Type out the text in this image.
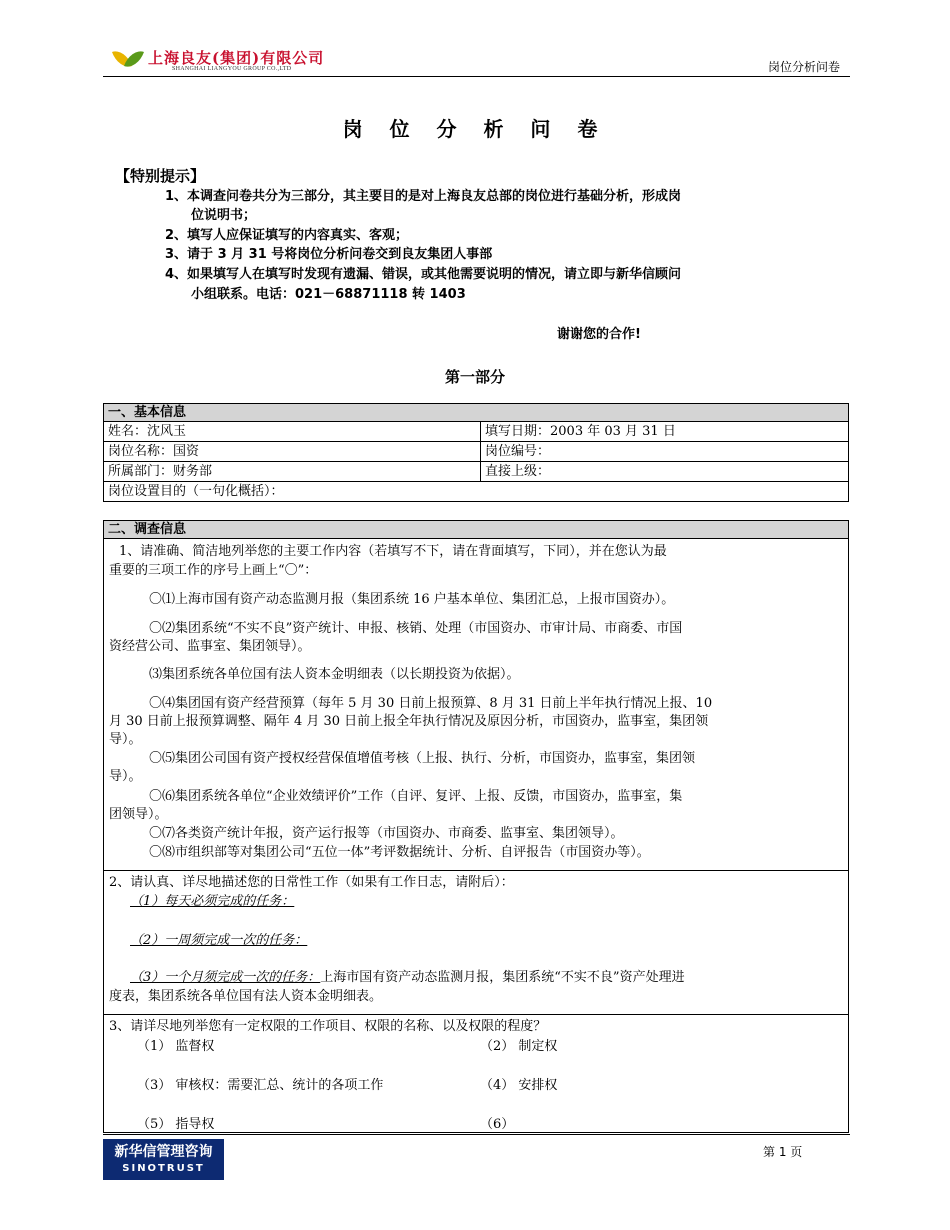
上海良友(集团)有限公司
SHANGHAI LIANGYOU GROUP CO.,LTD	岗位分析问卷
岗 位 分 析 问 卷
【特别提示】
1、本调查问卷共分为三部分，其主要目的是对上海良友总部的岗位进行基础分析，形成岗
位说明书；
2、填写人应保证填写的内容真实、客观；
3、请于 3 月 31 号将岗位分析问卷交到良友集团人事部
4、如果填写人在填写时发现有遗漏、错误，或其他需要说明的情况，请立即与新华信顾问
小组联系。电话：021－68871118 转 1403
谢谢您的合作!
第一部分
一、基本信息	
姓名：沈风玉	填写日期：2003 年 03 月 31 日
岗位名称：国资	岗位编号：
所属部门：财务部	直接上级：
岗位设置目的（一句化概括）：	
二、调查信息

1、请准确、简洁地列举您的主要工作内容（若填写不下，请在背面填写，下同），并在您认为最
重要的三项工作的序号上画上“〇”：
〇⑴上海市国有资产动态监测月报（集团系统 16 户基本单位、集团汇总，上报市国资办）。
〇⑵集团系统“不实不良”资产统计、申报、核销、处理（市国资办、市审计局、市商委、市国
资经营公司、监事室、集团领导）。
⑶集团系统各单位国有法人资本金明细表（以长期投资为依据）。
〇⑷集团国有资产经营预算（每年 5 月 30 日前上报预算、8 月 31 日前上半年执行情况上报、10
月 30 日前上报预算调整、隔年 4 月 30 日前上报全年执行情况及原因分析，市国资办，监事室，集团领
导）。
〇⑸集团公司国有资产授权经营保值增值考核（上报、执行、分析，市国资办，监事室，集团领
导）。
〇⑹集团系统各单位“企业效绩评价”工作（自评、复评、上报、反馈，市国资办，监事室，集
团领导）。
〇⑺各类资产统计年报，资产运行报等（市国资办、市商委、监事室、集团领导）。
〇⑻市组织部等对集团公司“五位一体”考评数据统计、分析、自评报告（市国资办等）。
2、请认真、详尽地描述您的日常性工作（如果有工作日志，请附后）：
（1）每天必须完成的任务：
（2）一周须完成一次的任务：
（3）一个月须完成一次的任务：上海市国有资产动态监测月报，集团系统“不实不良”资产处理进
度表，集团系统各单位国有法人资本金明细表。
3、请详尽地列举您有一定权限的工作项目、权限的名称、以及权限的程度？
（1） 监督权	（2） 制定权
（3） 审核权：需要汇总、统计的各项工作	（4） 安排权
（5） 指导权	（6）
新华信管理咨询
SINOTRUST
第 1 页
